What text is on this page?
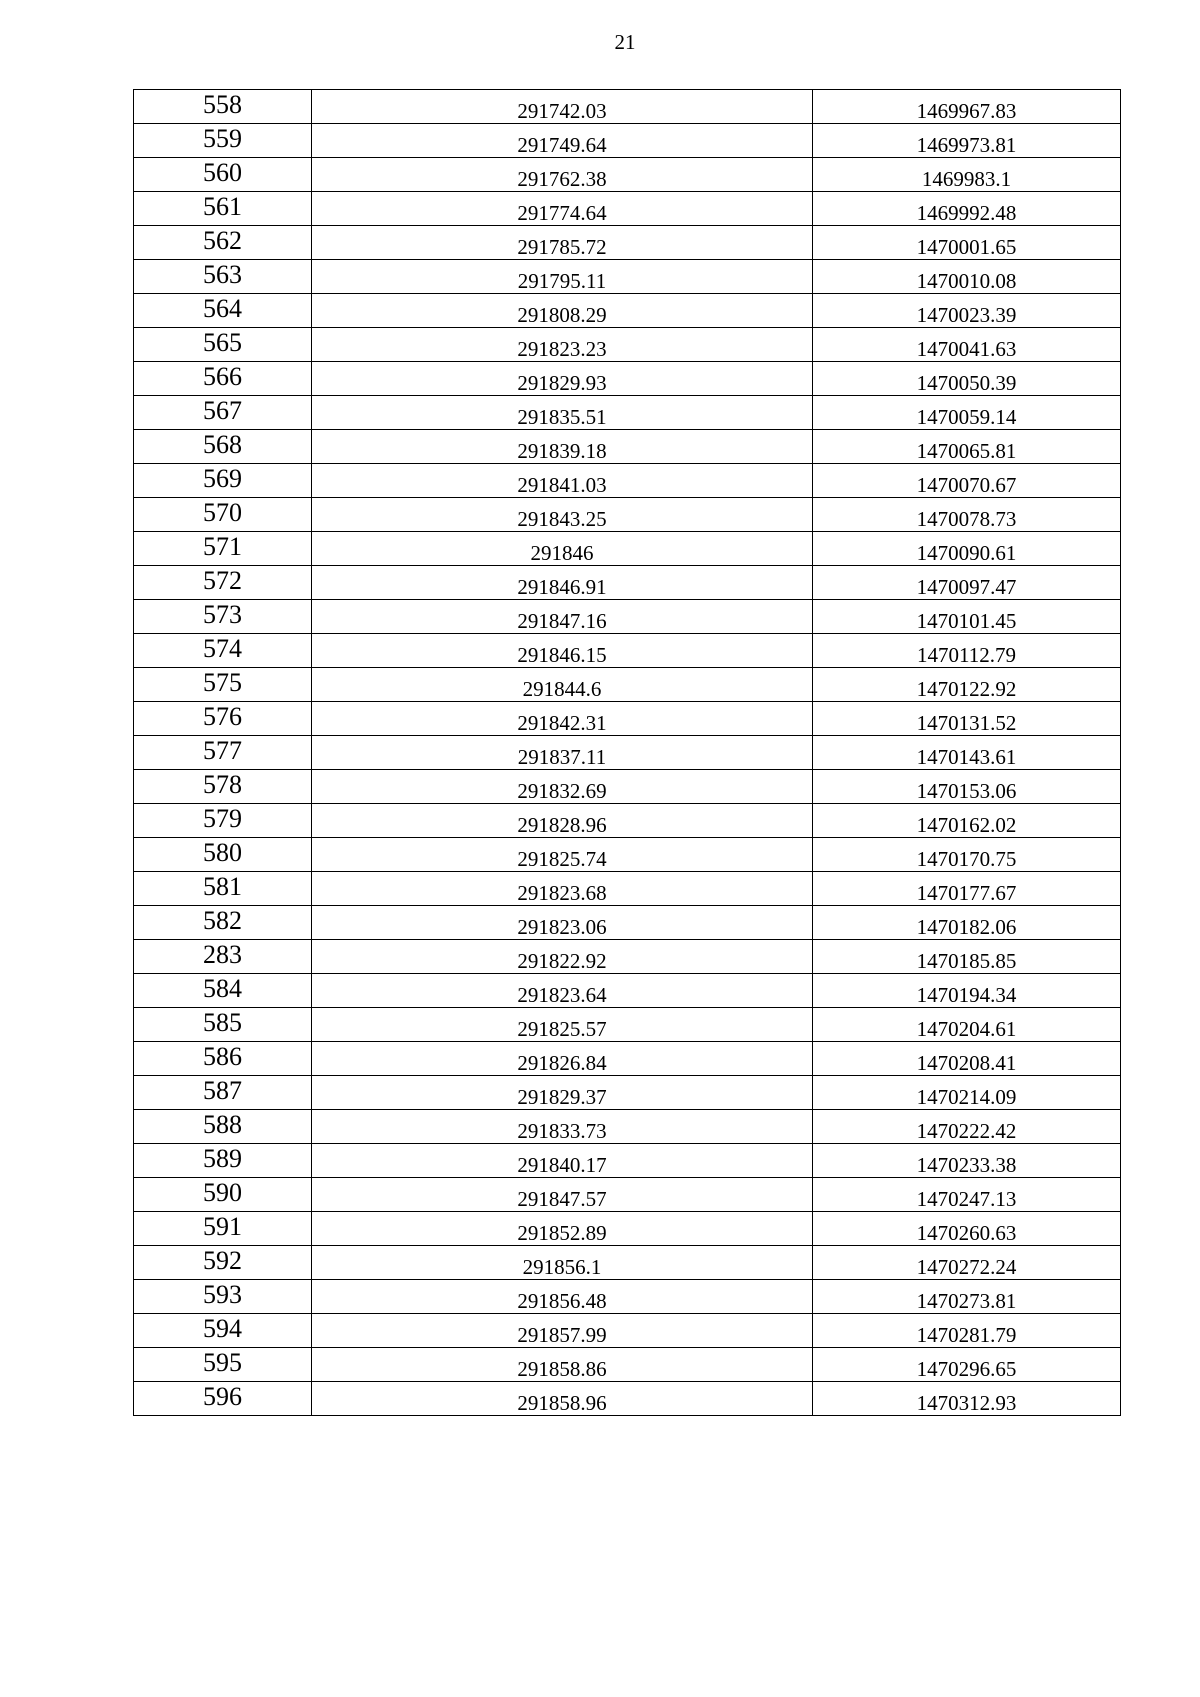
21
558	291742.03	1469967.83
559	291749.64	1469973.81
560	291762.38	1469983.1
561	291774.64	1469992.48
562	291785.72	1470001.65
563	291795.11	1470010.08
564	291808.29	1470023.39
565	291823.23	1470041.63
566	291829.93	1470050.39
567	291835.51	1470059.14
568	291839.18	1470065.81
569	291841.03	1470070.67
570	291843.25	1470078.73
571	291846	1470090.61
572	291846.91	1470097.47
573	291847.16	1470101.45
574	291846.15	1470112.79
575	291844.6	1470122.92
576	291842.31	1470131.52
577	291837.11	1470143.61
578	291832.69	1470153.06
579	291828.96	1470162.02
580	291825.74	1470170.75
581	291823.68	1470177.67
582	291823.06	1470182.06
283	291822.92	1470185.85
584	291823.64	1470194.34
585	291825.57	1470204.61
586	291826.84	1470208.41
587	291829.37	1470214.09
588	291833.73	1470222.42
589	291840.17	1470233.38
590	291847.57	1470247.13
591	291852.89	1470260.63
592	291856.1	1470272.24
593	291856.48	1470273.81
594	291857.99	1470281.79
595	291858.86	1470296.65
596	291858.96	1470312.93
